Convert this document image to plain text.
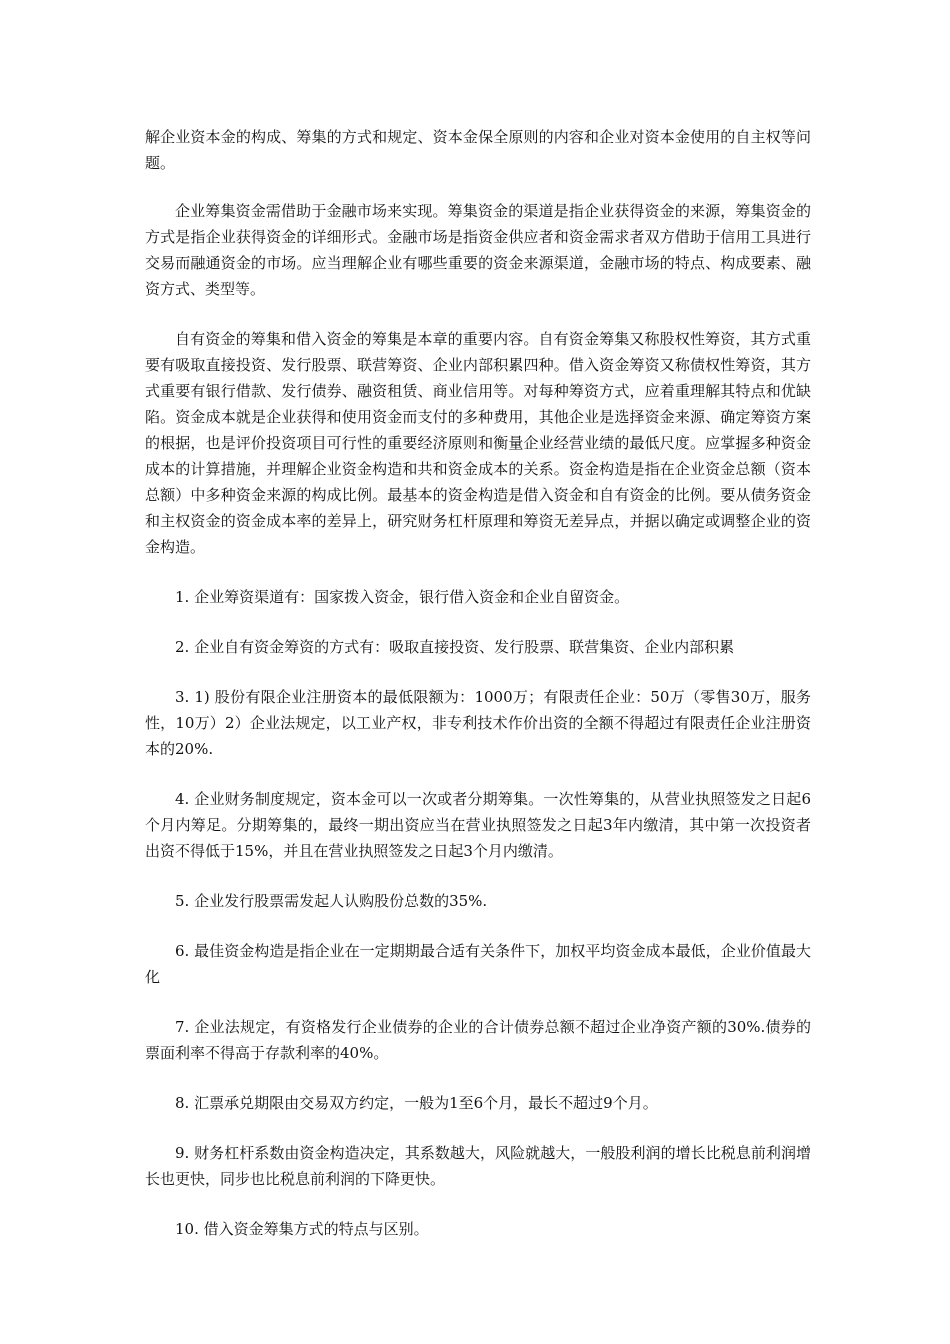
解企业资本金的构成、筹集的方式和规定、资本金保全原则的内容和企业对资本金使用的自主权等问题。

企业筹集资金需借助于金融市场来实现。筹集资金的渠道是指企业获得资金的来源，筹集资金的方式是指企业获得资金的详细形式。金融市场是指资金供应者和资金需求者双方借助于信用工具进行交易而融通资金的市场。应当理解企业有哪些重要的资金来源渠道，金融市场的特点、构成要素、融资方式、类型等。

自有资金的筹集和借入资金的筹集是本章的重要内容。自有资金筹集又称股权性筹资，其方式重要有吸取直接投资、发行股票、联营筹资、企业内部积累四种。借入资金筹资又称债权性筹资，其方式重要有银行借款、发行债券、融资租赁、商业信用等。对每种筹资方式，应着重理解其特点和优缺陷。资金成本就是企业获得和使用资金而支付的多种费用，其他企业是选择资金来源、确定筹资方案的根据，也是评价投资项目可行性的重要经济原则和衡量企业经营业绩的最低尺度。应掌握多种资金成本的计算措施，并理解企业资金构造和共和资金成本的关系。资金构造是指在企业资金总额（资本总额）中多种资金来源的构成比例。最基本的资金构造是借入资金和自有资金的比例。要从债务资金和主权资金的资金成本率的差异上，研究财务杠杆原理和筹资无差异点，并据以确定或调整企业的资金构造。

1. 企业筹资渠道有：国家拨入资金，银行借入资金和企业自留资金。

2. 企业自有资金筹资的方式有：吸取直接投资、发行股票、联营集资、企业内部积累

3. 1) 股份有限企业注册资本的最低限额为：1000万；有限责任企业：50万（零售30万，服务性，10万）2）企业法规定，以工业产权，非专利技术作价出资的全额不得超过有限责任企业注册资本的20%.

4. 企业财务制度规定，资本金可以一次或者分期筹集。一次性筹集的，从营业执照签发之日起6个月内筹足。分期筹集的，最终一期出资应当在营业执照签发之日起3年内缴清，其中第一次投资者出资不得低于15%，并且在营业执照签发之日起3个月内缴清。

5. 企业发行股票需发起人认购股份总数的35%.

6. 最佳资金构造是指企业在一定期期最合适有关条件下，加权平均资金成本最低，企业价值最大化

7. 企业法规定，有资格发行企业债券的企业的合计债券总额不超过企业净资产额的30%.债券的票面利率不得高于存款利率的40%。

8. 汇票承兑期限由交易双方约定，一般为1至6个月，最长不超过9个月。

9. 财务杠杆系数由资金构造决定，其系数越大，风险就越大，一般股利润的增长比税息前利润增长也更快，同步也比税息前利润的下降更快。

10. 借入资金筹集方式的特点与区别。
